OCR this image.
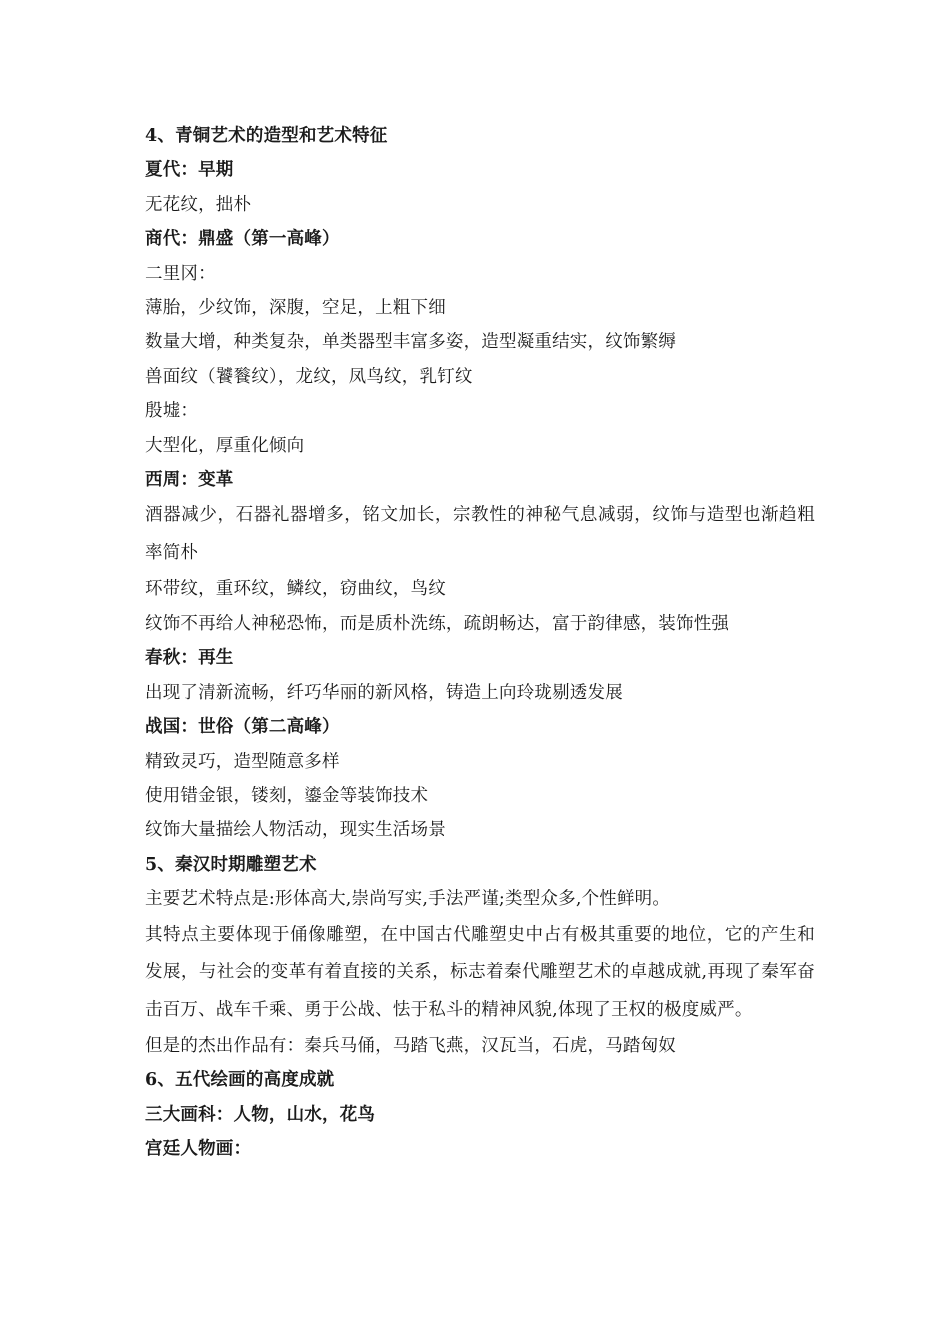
4、青铜艺术的造型和艺术特征
夏代：早期
无花纹，拙朴
商代：鼎盛（第一高峰）
二里冈：
薄胎，少纹饰，深腹，空足，上粗下细
数量大增，种类复杂，单类器型丰富多姿，造型凝重结实，纹饰繁缛
兽面纹（饕餮纹），龙纹，凤鸟纹，乳钉纹
殷墟：
大型化，厚重化倾向
西周：变革
酒器减少，石器礼器增多，铭文加长，宗教性的神秘气息减弱，纹饰与造型也渐趋粗率简朴
环带纹，重环纹，鳞纹，窃曲纹，鸟纹
纹饰不再给人神秘恐怖，而是质朴洗练，疏朗畅达，富于韵律感，装饰性强
春秋：再生
出现了清新流畅，纤巧华丽的新风格，铸造上向玲珑剔透发展
战国：世俗（第二高峰）
精致灵巧，造型随意多样
使用错金银，镂刻，鎏金等装饰技术
纹饰大量描绘人物活动，现实生活场景
5、秦汉时期雕塑艺术
主要艺术特点是:形体高大,崇尚写实,手法严谨;类型众多,个性鲜明。
其特点主要体现于俑像雕塑，在中国古代雕塑史中占有极其重要的地位，它的产生和发展，与社会的变革有着直接的关系，标志着秦代雕塑艺术的卓越成就,再现了秦军奋击百万、战车千乘、勇于公战、怯于私斗的精神风貌,体现了王权的极度威严。
但是的杰出作品有：秦兵马俑，马踏飞燕，汉瓦当，石虎，马踏匈奴
6、五代绘画的高度成就
三大画科：人物，山水，花鸟
宫廷人物画：
